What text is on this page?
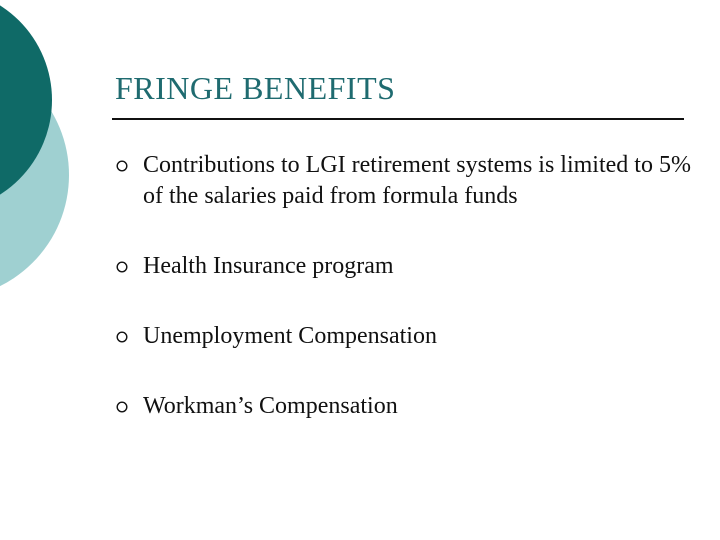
FRINGE BENEFITS
Contributions to LGI retirement systems is limited to 5% of the salaries paid from formula funds
Health Insurance program
Unemployment Compensation
Workman’s Compensation
